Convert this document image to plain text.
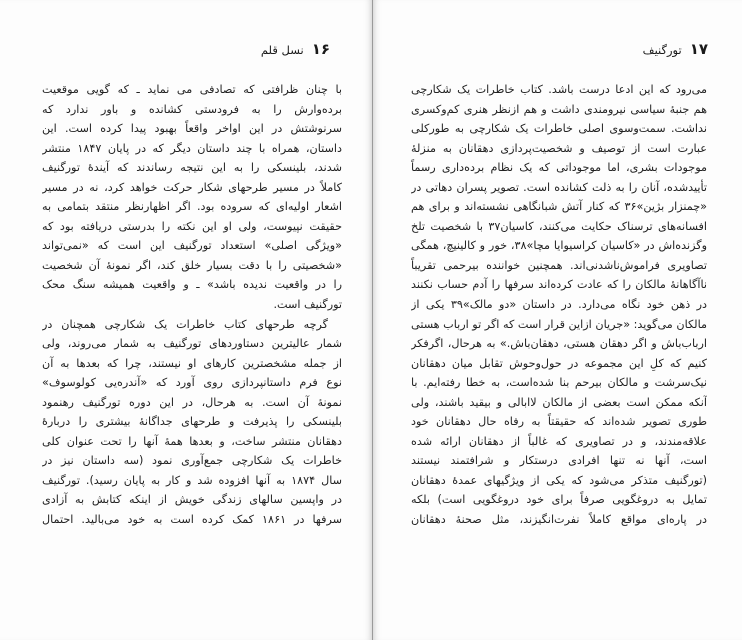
۱۶
نسل قلم
با چنان ظرافتی که تصادفی می نماید ـ که گویی موقعیت
برده‌وارش را به فرودستی کشانده و باور ندارد که
سرنوشتش در این اواخر واقعاً بهبود پیدا کرده است. این
داستان، همراه با چند داستان دیگر که در پایان ۱۸۴۷ منتشر
شدند، بلینسکی را به این نتیجه رساندند که آیندهٔ تورگنیف
کاملاً در مسیر طرحهای شکار حرکت خواهد کرد، نه در مسیر
اشعار اولیه‌ای که سروده بود. اگر اظهارنظر منتقد بتمامی به
حقیقت نپیوست، ولی او این نکته را بدرستی دریافته بود که
«ویژگی اصلی» استعداد تورگنیف این است که «نمی‌تواند
«شخصیتی را با دقت بسیار خلق کند، اگر نمونهٔ آن شخصیت
را در واقعیت ندیده باشد» ـ و واقعیت همیشه سنگ محک
تورگنیف است.
گرچه طرحهای کتاب خاطرات یک شکارچی همچنان در
شمار عالیترین دستاوردهای تورگنیف به شمار می‌روند، ولی
از جمله مشخصترین کارهای او نیستند، چرا که بعدها به آن
نوع فرم داستانپردازی روی آورد که «آندره‌یی کولوسوف»
نمونهٔ آن است. به هرحال، در این دوره تورگنیف رهنمود
بلینسکی را پذیرفت و طرحهای جداگانهٔ بیشتری را دربارهٔ
دهقانان منتشر ساخت، و بعدها همهٔ آنها را تحت عنوان کلی
خاطرات یک شکارچی جمع‌آوری نمود (سه داستان نیز در
سال ۱۸۷۴ به آنها افزوده شد و کار به پایان رسید). تورگنیف
در واپسین سالهای زندگی خویش از اینکه کتابش به آزادی
سرفها در ۱۸۶۱ کمک کرده است به خود می‌بالید. احتمال
۱۷
تورگنیف
می‌رود که این ادعا درست باشد. کتاب خاطرات یک شکارچی
هم جنبهٔ سیاسی نیرومندی داشت و هم ازنظر هنری کم‌وکسری
نداشت. سمت‌وسوی اصلی خاطرات یک شکارچی به طورکلی
عبارت است از توصیف و شخصیت‌پردازی دهقانان به منزلهٔ
موجودات بشری، اما موجوداتی که یک نظام برده‌داری رسماً
تأییدشده، آنان را به ذلت کشانده است. تصویر پسران دهاتی در
«چمنزار بژین»۳۶ که کنار آتش شبانگاهی نشسته‌اند و برای هم
افسانه‌های ترسناک حکایت می‌کنند، کاسیان۳۷ با شخصیت تلخ
وگزنده‌اش در «کاسیان کراسیوایا مچا»۳۸، خور و کالینیچ، همگی
تصاویری فراموش‌ناشدنی‌اند. همچنین خواننده بیرحمی تقریباً
ناآگاهانهٔ مالکان را که عادت کرده‌اند سرفها را آدم حساب نکنند
در ذهن خود نگاه می‌دارد. در داستان «دو مالک»۳۹ یکی از
مالکان می‌گوید: «جریان ازاین قرار است که اگر تو ارباب هستی
ارباب‌باش و اگر دهقان هستی، دهقان‌باش.» به هرحال، اگرفکر
کنیم که کلِ این مجموعه در حول‌وحوش تقابل میان دهقانان
نیک‌سرشت و مالکان بیرحم بنا شده‌است، به خطا رفته‌ایم. با
آنکه ممکن است بعضی از مالکان لاابالی و بیقید باشند، ولی
طوری تصویر شده‌اند که حقیقتاً به رفاه حال دهقانان خود
علاقه‌مندند، و در تصاویری که غالباً از دهقانان ارائه شده
است، آنها نه تنها افرادی درستکار و شرافتمند نیستند
(تورگنیف متذکر می‌شود که یکی از ویژگیهای عمدهٔ دهقانان
تمایل به دروغگویی صرفاً برای خود دروغگویی است) بلکه
در پاره‌ای مواقع کاملاً نفرت‌انگیزند، مثل صحنهٔ دهقانان
